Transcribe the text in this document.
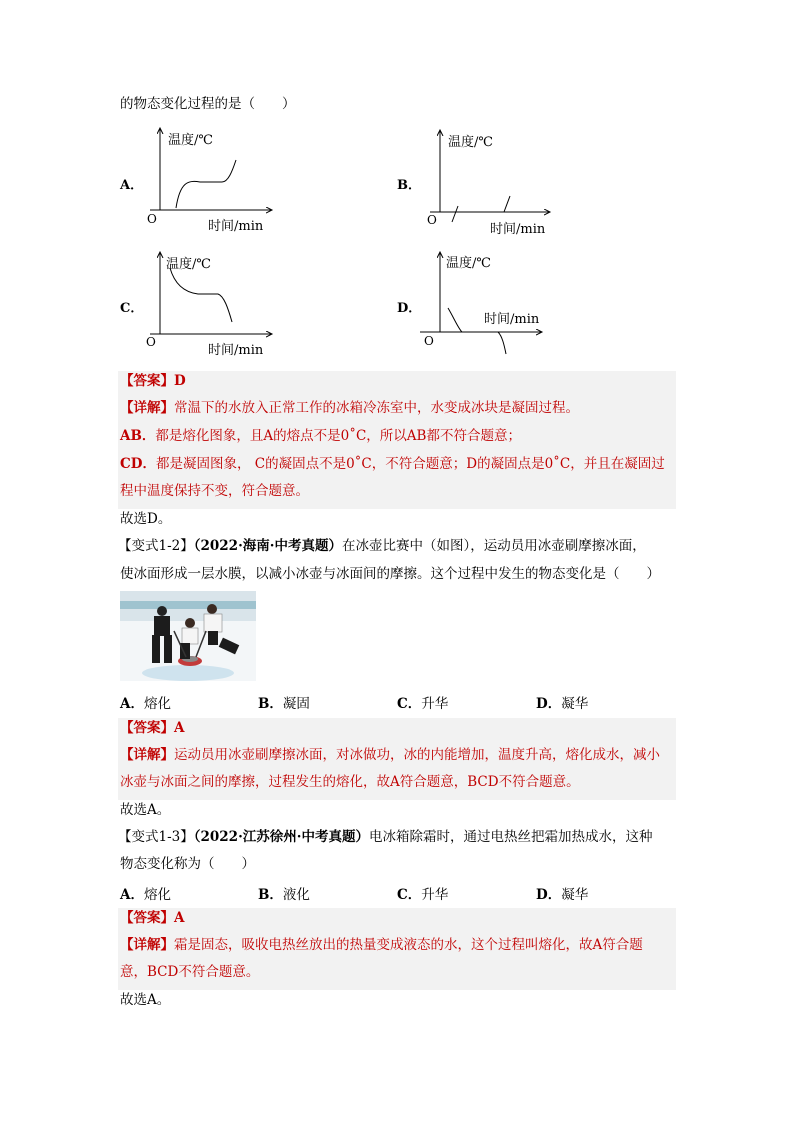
的物态变化过程的是（　　）
A．
温度/℃
O	时间/min
B．
温度/℃
O
时间/min
C．
温度/℃
O
时间/min
D．
温度/℃
O
时间/min
【答案】D
【详解】常温下的水放入正常工作的冰箱冷冻室中，水变成冰块是凝固过程。
AB．都是熔化图象，且A的熔点不是0˚C，所以AB都不符合题意；
CD．都是凝固图象， C的凝固点不是0˚C，不符合题意；D的凝固点是0˚C，并且在凝固过
程中温度保持不变，符合题意。
故选D。
【变式1-2】（2022·海南·中考真题）在冰壶比赛中（如图），运动员用冰壶刷摩擦冰面，
使冰面形成一层水膜，以减小冰壶与冰面间的摩擦。这个过程中发生的物态变化是（　　）
A．熔化	B．凝固	C．升华	D．凝华
【答案】A
【详解】运动员用冰壶刷摩擦冰面，对冰做功，冰的内能增加，温度升高，熔化成水，减小
冰壶与冰面之间的摩擦，过程发生的熔化，故A符合题意，BCD不符合题意。
故选A。
【变式1-3】（2022·江苏徐州·中考真题）电冰箱除霜时，通过电热丝把霜加热成水，这种
物态变化称为（　　）
A．熔化	B．液化	C．升华	D．凝华
【答案】A
【详解】霜是固态，吸收电热丝放出的热量变成液态的水，这个过程叫熔化，故A符合题
意，BCD不符合题意。
故选A。
